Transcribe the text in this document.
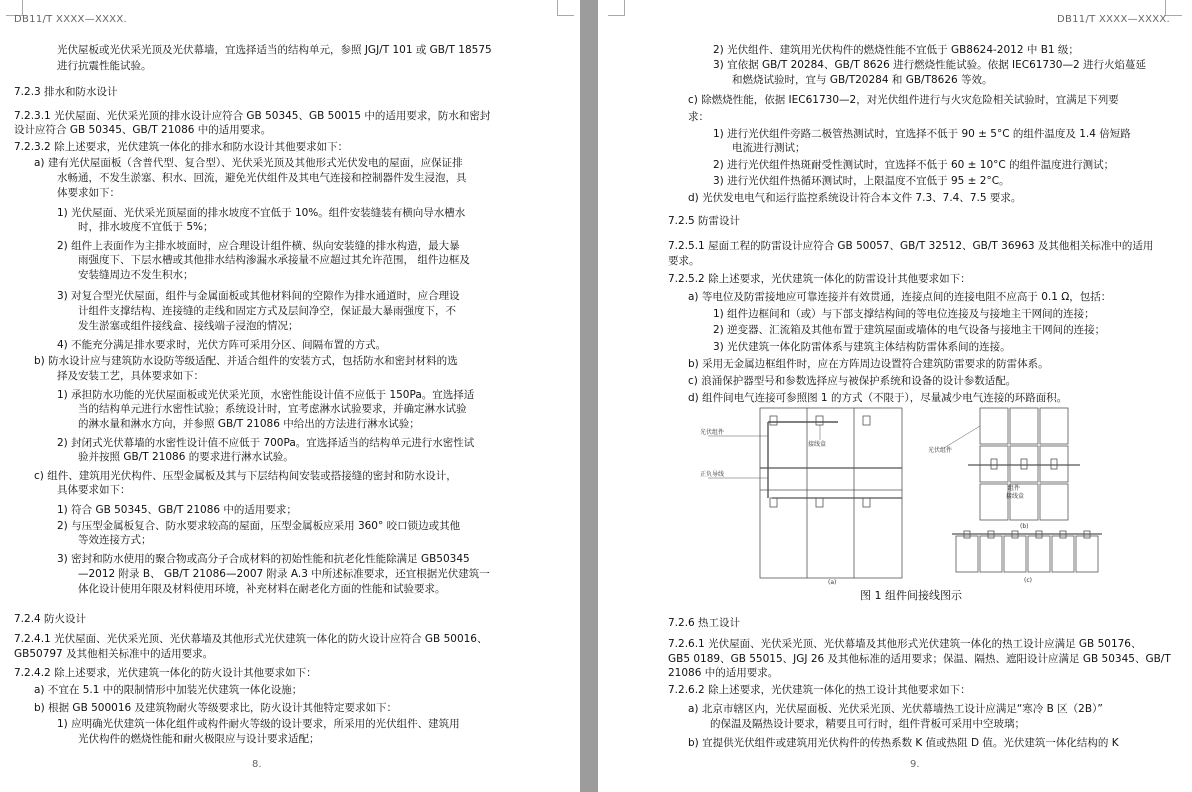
DB11/T XXXX—XXXX.
光伏屋板或光伏采光顶及光伏幕墙，宜选择适当的结构单元，参照 JGJ/T 101 或 GB/T 18575
进行抗震性能试验。
7.2.3 排水和防水设计
7.2.3.1 光伏屋面、光伏采光顶的排水设计应符合 GB 50345、GB 50015 中的适用要求，防水和密封
设计应符合 GB 50345、GB/T 21086 中的适用要求。
7.2.3.2 除上述要求，光伏建筑一体化的排水和防水设计其他要求如下：
a) 建有光伏屋面板（含普代型、复合型）、光伏采光顶及其他形式光伏发电的屋面，应保证排
水畅通，不发生淤塞、积水、回流，避免光伏组件及其电气连接和控制器件发生浸泡，具
体要求如下：
1) 光伏屋面、光伏采光顶屋面的排水坡度不宜低于 10%。组件安装缝装有横向导水槽水
时，排水坡度不宜低于 5%；
2) 组件上表面作为主排水坡面时，应合理设计组件横、纵向安装缝的排水构造，最大暴
雨强度下、下层水槽或其他排水结构渗漏水承接量不应超过其允许范围， 组件边框及
安装缝周边不发生积水；
3) 对复合型光伏屋面，组件与金属面板或其他材料间的空隙作为排水通道时，应合理设
计组件支撑结构、连接缝的走线和固定方式及层间净空，保证最大暴雨强度下，不
发生淤塞或组件接线盒、接线端子浸泡的情况；
4) 不能充分满足排水要求时，光伏方阵可采用分区、间隔布置的方式。
b) 防水设计应与建筑防水设防等级适配、并适合组件的安装方式，包括防水和密封材料的选
择及安装工艺，具体要求如下：
1) 承担防水功能的光伏屋面板或光伏采光顶，水密性能设计值不应低于 150Pa。宜选择适
当的结构单元进行水密性试验；系统设计时，宜考虑淋水试验要求，并确定淋水试验
的淋水量和淋水方向，并参照 GB/T 21086 中给出的方法进行淋水试验；
2) 封闭式光伏幕墙的水密性设计值不应低于 700Pa。宜选择适当的结构单元进行水密性试
验并按照 GB/T 21086 的要求进行淋水试验。
c) 组件、建筑用光伏构件、压型金属板及其与下层结构间安装或搭接缝的密封和防水设计，
具体要求如下：
1) 符合 GB 50345、GB/T 21086 中的适用要求；
2) 与压型金属板复合、防水要求较高的屋面，压型金属板应采用 360° 咬口锁边或其他
等效连接方式；
3) 密封和防水使用的聚合物或高分子合成材料的初始性能和抗老化性能除满足 GB50345
—2012 附录 B、 GB/T 21086—2007 附录 A.3 中所述标准要求，还宜根据光伏建筑一
体化设计使用年限及材料使用环境，补充材料在耐老化方面的性能和试验要求。
7.2.4 防火设计
7.2.4.1 光伏屋面、光伏采光顶、光伏幕墙及其他形式光伏建筑一体化的防火设计应符合 GB 50016、
GB50797 及其他相关标准中的适用要求。
7.2.4.2 除上述要求，光伏建筑一体化的防火设计其他要求如下：
a) 不宜在 5.1 中的限制情形中加装光伏建筑一体化设施；
b) 根据 GB 500016 及建筑物耐火等级要求比，防火设计其他特定要求如下：
1) 应明确光伏建筑一体化组件或构件耐火等级的设计要求，所采用的光伏组件、建筑用
光伏构件的燃烧性能和耐火极限应与设计要求适配；
8.
DB11/T XXXX—XXXX.
2) 光伏组件、建筑用光伏构件的燃烧性能不宜低于 GB8624-2012 中 B1 级；
3) 宜依据 GB/T 20284、GB/T 8626 进行燃烧性能试验。依据 IEC61730—2 进行火焰蔓延
和燃烧试验时，宜与 GB/T20284 和 GB/T8626 等效。
c) 除燃烧性能，依据 IEC61730—2，对光伏组件进行与火灾危险相关试验时，宜满足下列要
求：
1) 进行光伏组件旁路二极管热测试时，宜选择不低于 90 ± 5°C 的组件温度及 1.4 倍短路
电流进行测试；
2) 进行光伏组件热斑耐受性测试时，宜选择不低于 60 ± 10°C 的组件温度进行测试；
3) 进行光伏组件热循环测试时，上限温度不宜低于 95 ± 2°C。
d) 光伏发电电气和运行监控系统设计符合本文件 7.3、7.4、7.5 要求。
7.2.5 防雷设计
7.2.5.1 屋面工程的防雷设计应符合 GB 50057、GB/T 32512、GB/T 36963 及其他相关标准中的适用
要求。
7.2.5.2 除上述要求，光伏建筑一体化的防雷设计其他要求如下：
a) 等电位及防雷接地应可靠连接并有效贯通，连接点间的连接电阻不应高于 0.1 Ω，包括：
1) 组件边框间和（或）与下部支撑结构间的等电位连接及与接地主干网间的连接；
2) 逆变器、汇流箱及其他布置于建筑屋面或墙体的电气设备与接地主干网间的连接；
3) 光伏建筑一体化防雷体系与建筑主体结构防雷体系间的连接。
b) 采用无金属边框组件时，应在方阵周边设置符合建筑防雷要求的防雷体系。
c) 浪涌保护器型号和参数选择应与被保护系统和设备的设计参数适配。
d) 组件间电气连接可参照图 1 的方式（不限于），尽量减少电气连接的环路面积。
7.2.6 热工设计
7.2.6.1 光伏屋面、光伏采光顶、光伏幕墙及其他形式光伏建筑一体化的热工设计应满足 GB 50176、
GB5 0189、GB 55015、JGJ 26 及其他标准的适用要求；保温、隔热、遮阳设计应满足 GB 50345、GB/T
21086 中的适用要求。
7.2.6.2 除上述要求，光伏建筑一体化的热工设计其他要求如下：
a) 北京市辖区内，光伏屋面板、光伏采光顶、光伏幕墙热工设计应满足“寒冷 B 区（2B）”
的保温及隔热设计要求，精要且可行时，组件背板可采用中空玻璃；
b) 宜提供光伏组件或建筑用光伏构件的传热系数 K 值或热阻 D 值。光伏建筑一体化结构的 K
光伏组件
接线盒
正负导线
光伏组件
组件
接线盒
(a)
(b)
(c)
图 1 组件间接线图示
9.
